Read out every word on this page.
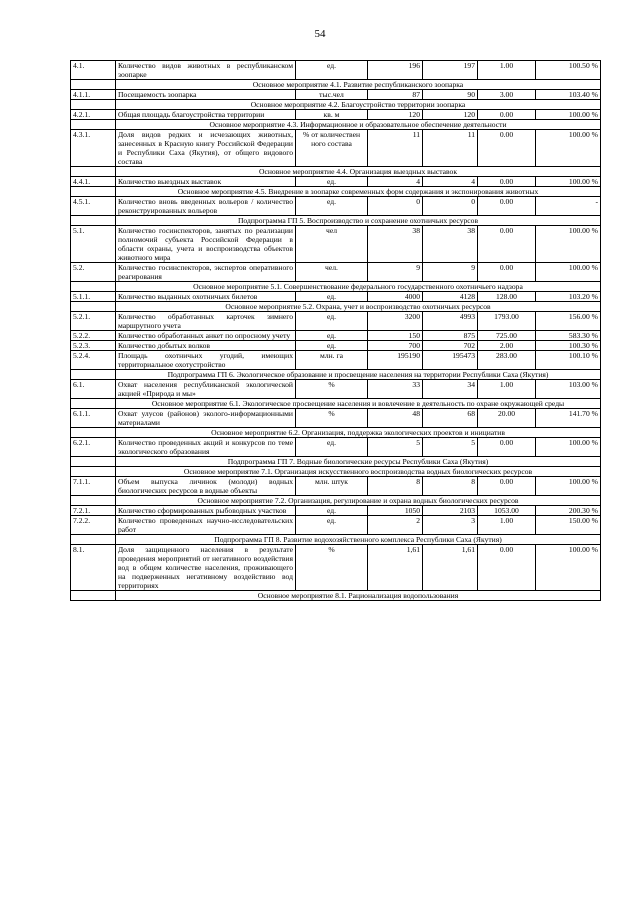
54
4.1.	Количество видов животных в республиканском зоопарке	ед.	196	197	1.00	100.50 %
	Основное мероприятие 4.1. Развитие республиканского зоопарка					
4.1.1.	Посещаемость зоопарка	тыс.чел	87	90	3.00	103.40 %
	Основное мероприятие 4.2. Благоустройство территории зоопарка					
4.2.1.	Общая площадь благоустройства территории	кв. м	120	120	0.00	100.00 %
	Основное мероприятие 4.3. Информационное и образовательное обеспечение деятельности					
4.3.1.	Доля видов редких и исчезающих животных, занесенных в Красную книгу Российской Федерации и Республики Саха (Якутия), от общего видового состава	% от количествен ного состава	11	11	0.00	100.00 %
	Основное мероприятие 4.4. Организация выездных выставок					
4.4.1.	Количество выездных выставок	ед.	4	4	0.00	100.00 %
	Основное мероприятие 4.5. Внедрение в зоопарке современных форм содержания и экспонирования животных					
4.5.1.	Количество вновь введенных вольеров / количество реконструированных вольеров	ед.	0	0	0.00	-
	Подпрограмма ГП 5. Воспроизводство и сохранение охотничьих ресурсов					
5.1.	Количество госинспекторов, занятых по реализации полномочий субъекта Российской Федерации в области охраны, учета и воспроизводства объектов животного мира	чел	38	38	0.00	100.00 %
5.2.	Количество госинспекторов, экспертов оперативного реагирования	чел.	9	9	0.00	100.00 %
	Основное мероприятие 5.1. Совершенствование федерального государственного охотничьего надзора					
5.1.1.	Количество выданных охотничьих билетов	ед.	4000	4128	128.00	103.20 %
	Основное мероприятие 5.2. Охрана, учет и воспроизводство охотничьих ресурсов					
5.2.1.	Количество обработанных карточек зимнего маршрутного учета	ед.	3200	4993	1793.00	156.00 %
5.2.2.	Количество обработанных анкет по опросному учету	ед.	150	875	725.00	583.30 %
5.2.3.	Количество добытых волков	ед.	700	702	2.00	100.30 %
5.2.4.	Площадь охотничьих угодий, имеющих территориальное охотустройство	млн. га	195190	195473	283.00	100.10 %
	Подпрограмма ГП 6. Экологическое образование и просвещение населения на территории Республики Саха (Якутия)					
6.1.	Охват населения республиканской экологической акцией «Природа и мы»	%	33	34	1.00	103.00 %
	Основное мероприятие 6.1. Экологическое просвещение населения и вовлечение в деятельность по охране окружающей среды					
6.1.1.	Охват улусов (районов) эколого-информационными материалами	%	48	68	20.00	141.70 %
	Основное мероприятие 6.2. Организация, поддержка экологических проектов и инициатив					
6.2.1.	Количество проведенных акций и конкурсов по теме экологического образования	ед.	5	5	0.00	100.00 %
	Подпрограмма ГП 7. Водные биологические ресурсы Республики Саха (Якутия)					
	Основное мероприятие 7.1. Организация искусственного воспроизводства водных биологических ресурсов					
7.1.1.	Объем выпуска личинок (молоди) водных биологических ресурсов в водные объекты	млн. штук	8	8	0.00	100.00 %
	Основное мероприятие 7.2. Организация, регулирование и охрана водных биологических ресурсов					
7.2.1.	Количество сформированных рыбоводных участков	ед.	1050	2103	1053.00	200.30 %
7.2.2.	Количество проведенных научно-исследовательских работ	ед.	2	3	1.00	150.00 %
	Подпрограмма ГП 8. Развитие водохозяйственного комплекса Республики Саха (Якутия)					
8.1.	Доля защищенного населения в результате проведения мероприятий от негативного воздействия вод в общем количестве населения, проживающего на подверженных негативному воздействию вод территориях	%	1,61	1,61	0.00	100.00 %
	Основное мероприятие 8.1. Рационализация водопользования					
